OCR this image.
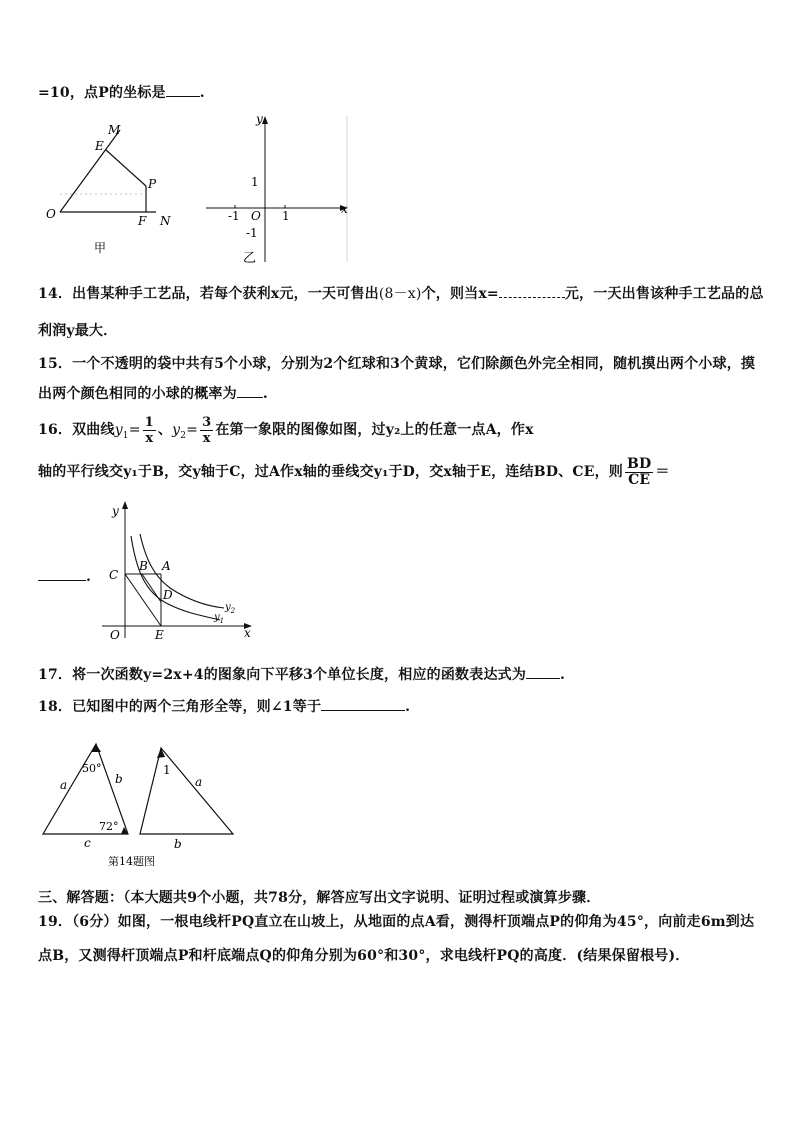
=10，点P的坐标是 .
M
E
P
O	F N
甲
y
x
1
-1 O 1
-1
乙
14．出售某种手工艺品，若每个获利x元，一天可售出(8－x)个，则当x=	元，一天出售该种手工艺品的总
利润y最大．
15．一个不透明的袋中共有5个小球，分别为2个红球和3个黄球，它们除颜色外完全相同，随机摸出两个小球，摸
出两个颜色相同的小球的概率为 .
16．双曲线$y_1= \frac{1}{x}$ 、$y_2= \frac{3}{x}$ 在第一象限的图像如图，过y₂上的任意一点A，作x
轴的平行线交y₁于B，交y轴于C，过A作x轴的垂线交y₁于D，交x轴于E，连结BD、CE，则 $\frac{BD}{CE}$ ＝
.
y
x
C
B A
D
O	E
$y_2$
$y_1$
17．将一次函数y=2x+4的图象向下平移3个单位长度，相应的函数表达式为 .
18．已知图中的两个三角形全等，则∠1等于	.
50°
72°
a	b
c
1
a
b
第14题图
三、解答题：（本大题共9个小题，共78分，解答应写出文字说明、证明过程或演算步骤．
19．（6分）如图，一根电线杆PQ直立在山坡上，从地面的点A看，测得杆顶端点P的仰角为45°，向前走6m到达
点B，又测得杆顶端点P和杆底端点Q的仰角分别为60°和30°，求电线杆PQ的高度．(结果保留根号)．
